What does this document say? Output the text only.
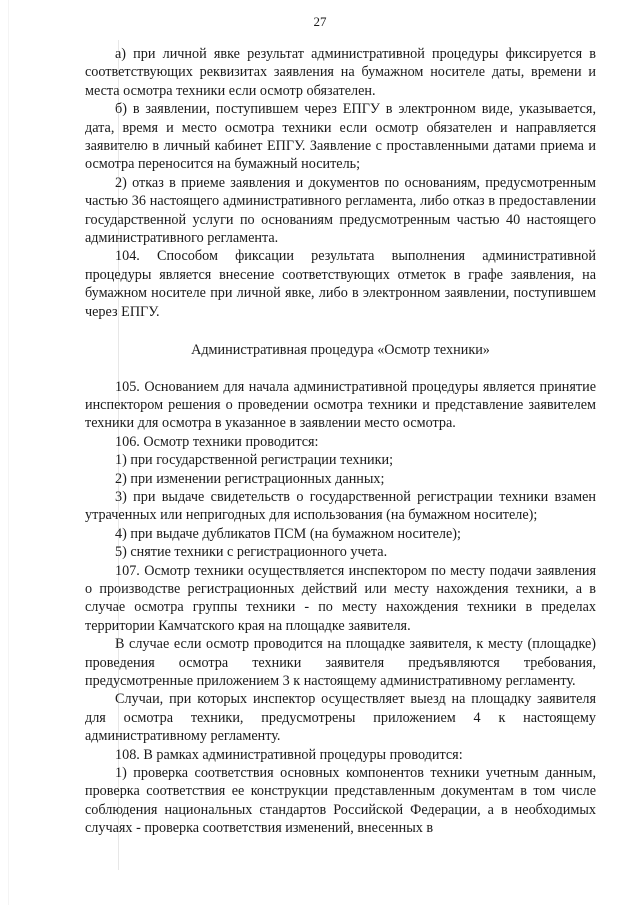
27

а) при личной явке результат административной процедуры фиксируется в соответствующих реквизитах заявления на бумажном носителе даты, времени и места осмотра техники если осмотр обязателен.

б) в заявлении, поступившем через ЕПГУ в электронном виде, указывается, дата, время и место осмотра техники если осмотр обязателен и направляется заявителю в личный кабинет ЕПГУ. Заявление с проставленными датами приема и осмотра переносится на бумажный носитель;

2) отказ в приеме заявления и документов по основаниям, предусмотренным частью 36 настоящего административного регламента, либо отказ в предоставлении государственной услуги по основаниям предусмотренным частью 40 настоящего административного регламента.

104. Способом фиксации результата выполнения административной процедуры является внесение соответствующих отметок в графе заявления, на бумажном носителе при личной явке, либо в электронном заявлении, поступившем через ЕПГУ.

Административная процедура «Осмотр техники»

105. Основанием для начала административной процедуры является принятие инспектором решения о проведении осмотра техники и представление заявителем техники для осмотра в указанное в заявлении место осмотра.

106. Осмотр техники проводится:

1) при государственной регистрации техники;

2) при изменении регистрационных данных;

3) при выдаче свидетельств о государственной регистрации техники взамен утраченных или непригодных для использования (на бумажном носителе);

4) при выдаче дубликатов ПСМ (на бумажном носителе);

5) снятие техники с регистрационного учета.

107. Осмотр техники осуществляется инспектором по месту подачи заявления о производстве регистрационных действий или месту нахождения техники, а в случае осмотра группы техники - по месту нахождения техники в пределах территории Камчатского края на площадке заявителя.

В случае если осмотр проводится на площадке заявителя, к месту (площадке) проведения осмотра техники заявителя предъявляются требования, предусмотренные приложением 3 к настоящему административному регламенту.

Случаи, при которых инспектор осуществляет выезд на площадку заявителя для осмотра техники, предусмотрены приложением 4 к настоящему административному регламенту.

108. В рамках административной процедуры проводится:

1) проверка соответствия основных компонентов техники учетным данным, проверка соответствия ее конструкции представленным документам в том числе соблюдения национальных стандартов Российской Федерации, а в необходимых случаях - проверка соответствия изменений, внесенных в
